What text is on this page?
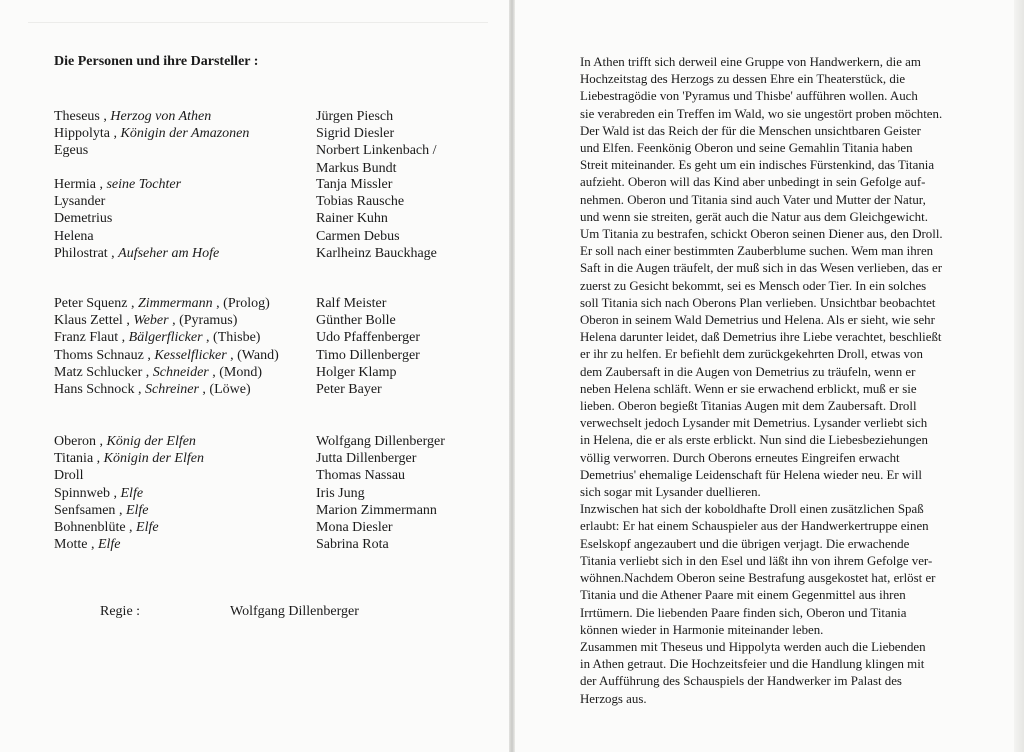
Die Personen und ihre Darsteller :
Theseus , Herzog von Athen	Jürgen Piesch
Hippolyta , Königin der Amazonen	Sigrid Diesler
Egeus	Norbert Linkenbach /
Markus Bundt
Hermia , seine Tochter	Tanja Missler
Lysander	Tobias Rausche
Demetrius	Rainer Kuhn
Helena	Carmen Debus
Philostrat , Aufseher am Hofe	Karlheinz Bauckhage
Peter Squenz , Zimmermann , (Prolog)	Ralf Meister
Klaus Zettel , Weber , (Pyramus)	Günther Bolle
Franz Flaut , Bälgerflicker , (Thisbe)	Udo Pfaffenberger
Thoms Schnauz , Kesselflicker , (Wand)	Timo Dillenberger
Matz Schlucker , Schneider , (Mond)	Holger Klamp
Hans Schnock , Schreiner , (Löwe)	Peter Bayer
Oberon , König der Elfen	Wolfgang Dillenberger
Titania , Königin der Elfen	Jutta Dillenberger
Droll	Thomas Nassau
Spinnweb , Elfe	Iris Jung
Senfsamen , Elfe	Marion Zimmermann
Bohnenblüte , Elfe	Mona Diesler
Motte , Elfe	Sabrina Rota
Regie :	Wolfgang Dillenberger

In Athen trifft sich derweil eine Gruppe von Handwerkern, die am

Hochzeitstag des Herzogs zu dessen Ehre ein Theaterstück, die

Liebestragödie von 'Pyramus und Thisbe' aufführen wollen. Auch

sie verabreden ein Treffen im Wald, wo sie ungestört proben möchten.

Der Wald ist das Reich der für die Menschen unsichtbaren Geister

und Elfen. Feenkönig Oberon und seine Gemahlin Titania haben

Streit miteinander. Es geht um ein indisches Fürstenkind, das Titania

aufzieht. Oberon will das Kind aber unbedingt in sein Gefolge auf-

nehmen. Oberon und Titania sind auch Vater und Mutter der Natur,

und wenn sie streiten, gerät auch die Natur aus dem Gleichgewicht.

Um Titania zu bestrafen, schickt Oberon seinen Diener aus, den Droll.

Er soll nach einer bestimmten Zauberblume suchen. Wem man ihren

Saft in die Augen träufelt, der muß sich in das Wesen verlieben, das er

zuerst zu Gesicht bekommt, sei es Mensch oder Tier. In ein solches

soll Titania sich nach Oberons Plan verlieben. Unsichtbar beobachtet

Oberon in seinem Wald Demetrius und Helena. Als er sieht, wie sehr

Helena darunter leidet, daß Demetrius ihre Liebe verachtet, beschließt

er ihr zu helfen. Er befiehlt dem zurückgekehrten Droll, etwas von

dem Zaubersaft in die Augen von Demetrius zu träufeln, wenn er

neben Helena schläft. Wenn er sie erwachend erblickt, muß er sie

lieben. Oberon begießt Titanias Augen mit dem Zaubersaft. Droll

verwechselt jedoch Lysander mit Demetrius. Lysander verliebt sich

in Helena, die er als erste erblickt. Nun sind die Liebesbeziehungen

völlig verworren. Durch Oberons erneutes Eingreifen erwacht

Demetrius' ehemalige Leidenschaft für Helena wieder neu. Er will

sich sogar mit Lysander duellieren.

Inzwischen hat sich der koboldhafte Droll einen zusätzlichen Spaß

erlaubt: Er hat einem Schauspieler aus der Handwerkertruppe einen

Eselskopf angezaubert und die übrigen verjagt. Die erwachende

Titania verliebt sich in den Esel und läßt ihn von ihrem Gefolge ver-

wöhnen.Nachdem Oberon seine Bestrafung ausgekostet hat, erlöst er

Titania und die Athener Paare mit einem Gegenmittel aus ihren

Irrtümern. Die liebenden Paare finden sich, Oberon und Titania

können wieder in Harmonie miteinander leben.

Zusammen mit Theseus und Hippolyta werden auch die Liebenden

in Athen getraut. Die Hochzeitsfeier und die Handlung klingen mit

der Aufführung des Schauspiels der Handwerker im Palast des

Herzogs aus.
